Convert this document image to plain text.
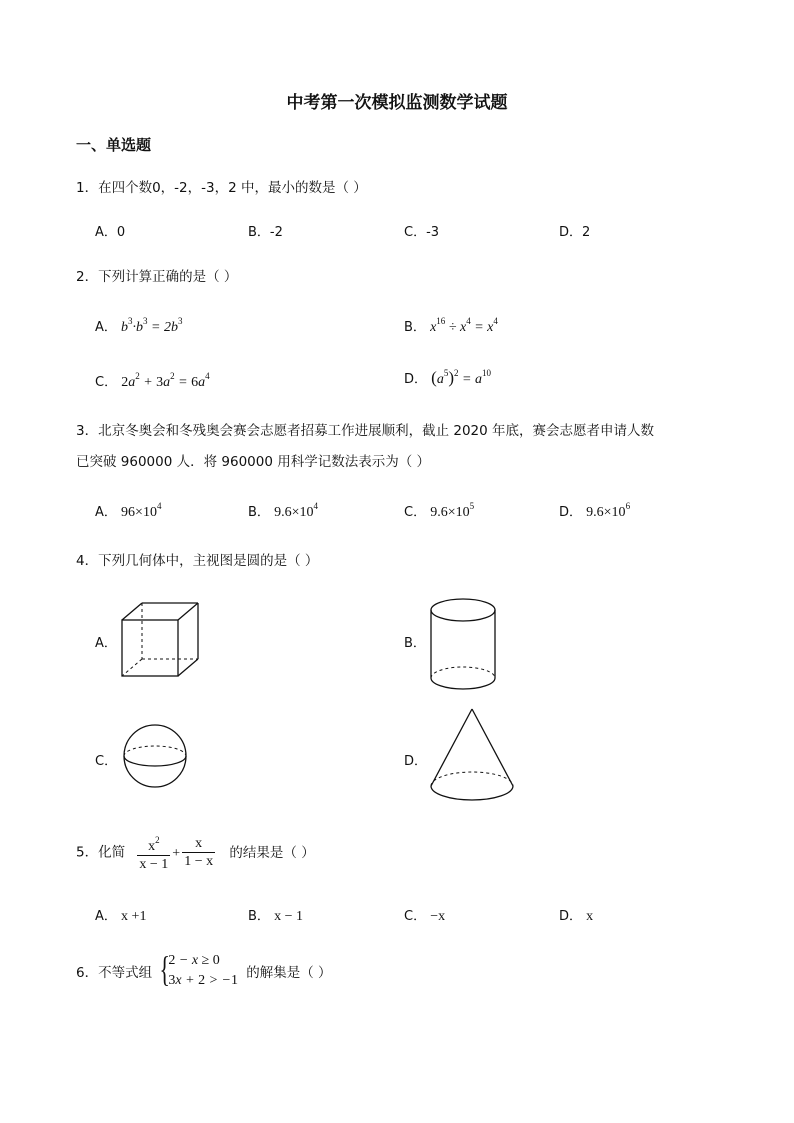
中考第一次模拟监测数学试题
一、单选题
1．在四个数0，-2，-3，2 中，最小的数是（ ）
A．0	B．-2	C．-3	D．2
2．下列计算正确的是（ ）
A． $b^3\cdot b^3 = 2b^3$	B． $x^{16} \div x^4 = x^4$
C． $2a^2 + 3a^2 = 6a^4$	D． $(a^5)^2 = a^{10}$
3．北京冬奥会和冬残奥会赛会志愿者招募工作进展顺利，截止 2020 年底，赛会志愿者申请人数
已突破 960000 人．将 960000 用科学记数法表示为（ ）
A． $96\times 10^4$	B． $9.6\times 10^4$	C． $9.6\times 10^5$	D． $9.6\times 10^6$
4．下列几何体中，主视图是圆的是（ ）
A．	B．
C．	D．
5．化简 $\frac{x^2}{x - 1} + \frac{x}{1 - x}$ 的结果是（ ）
A． x +1	B． x − 1	C． −x	D． x
6．不等式组 {
2 − x ≥ 0
3x + 2 > −1 的解集是（ ）
